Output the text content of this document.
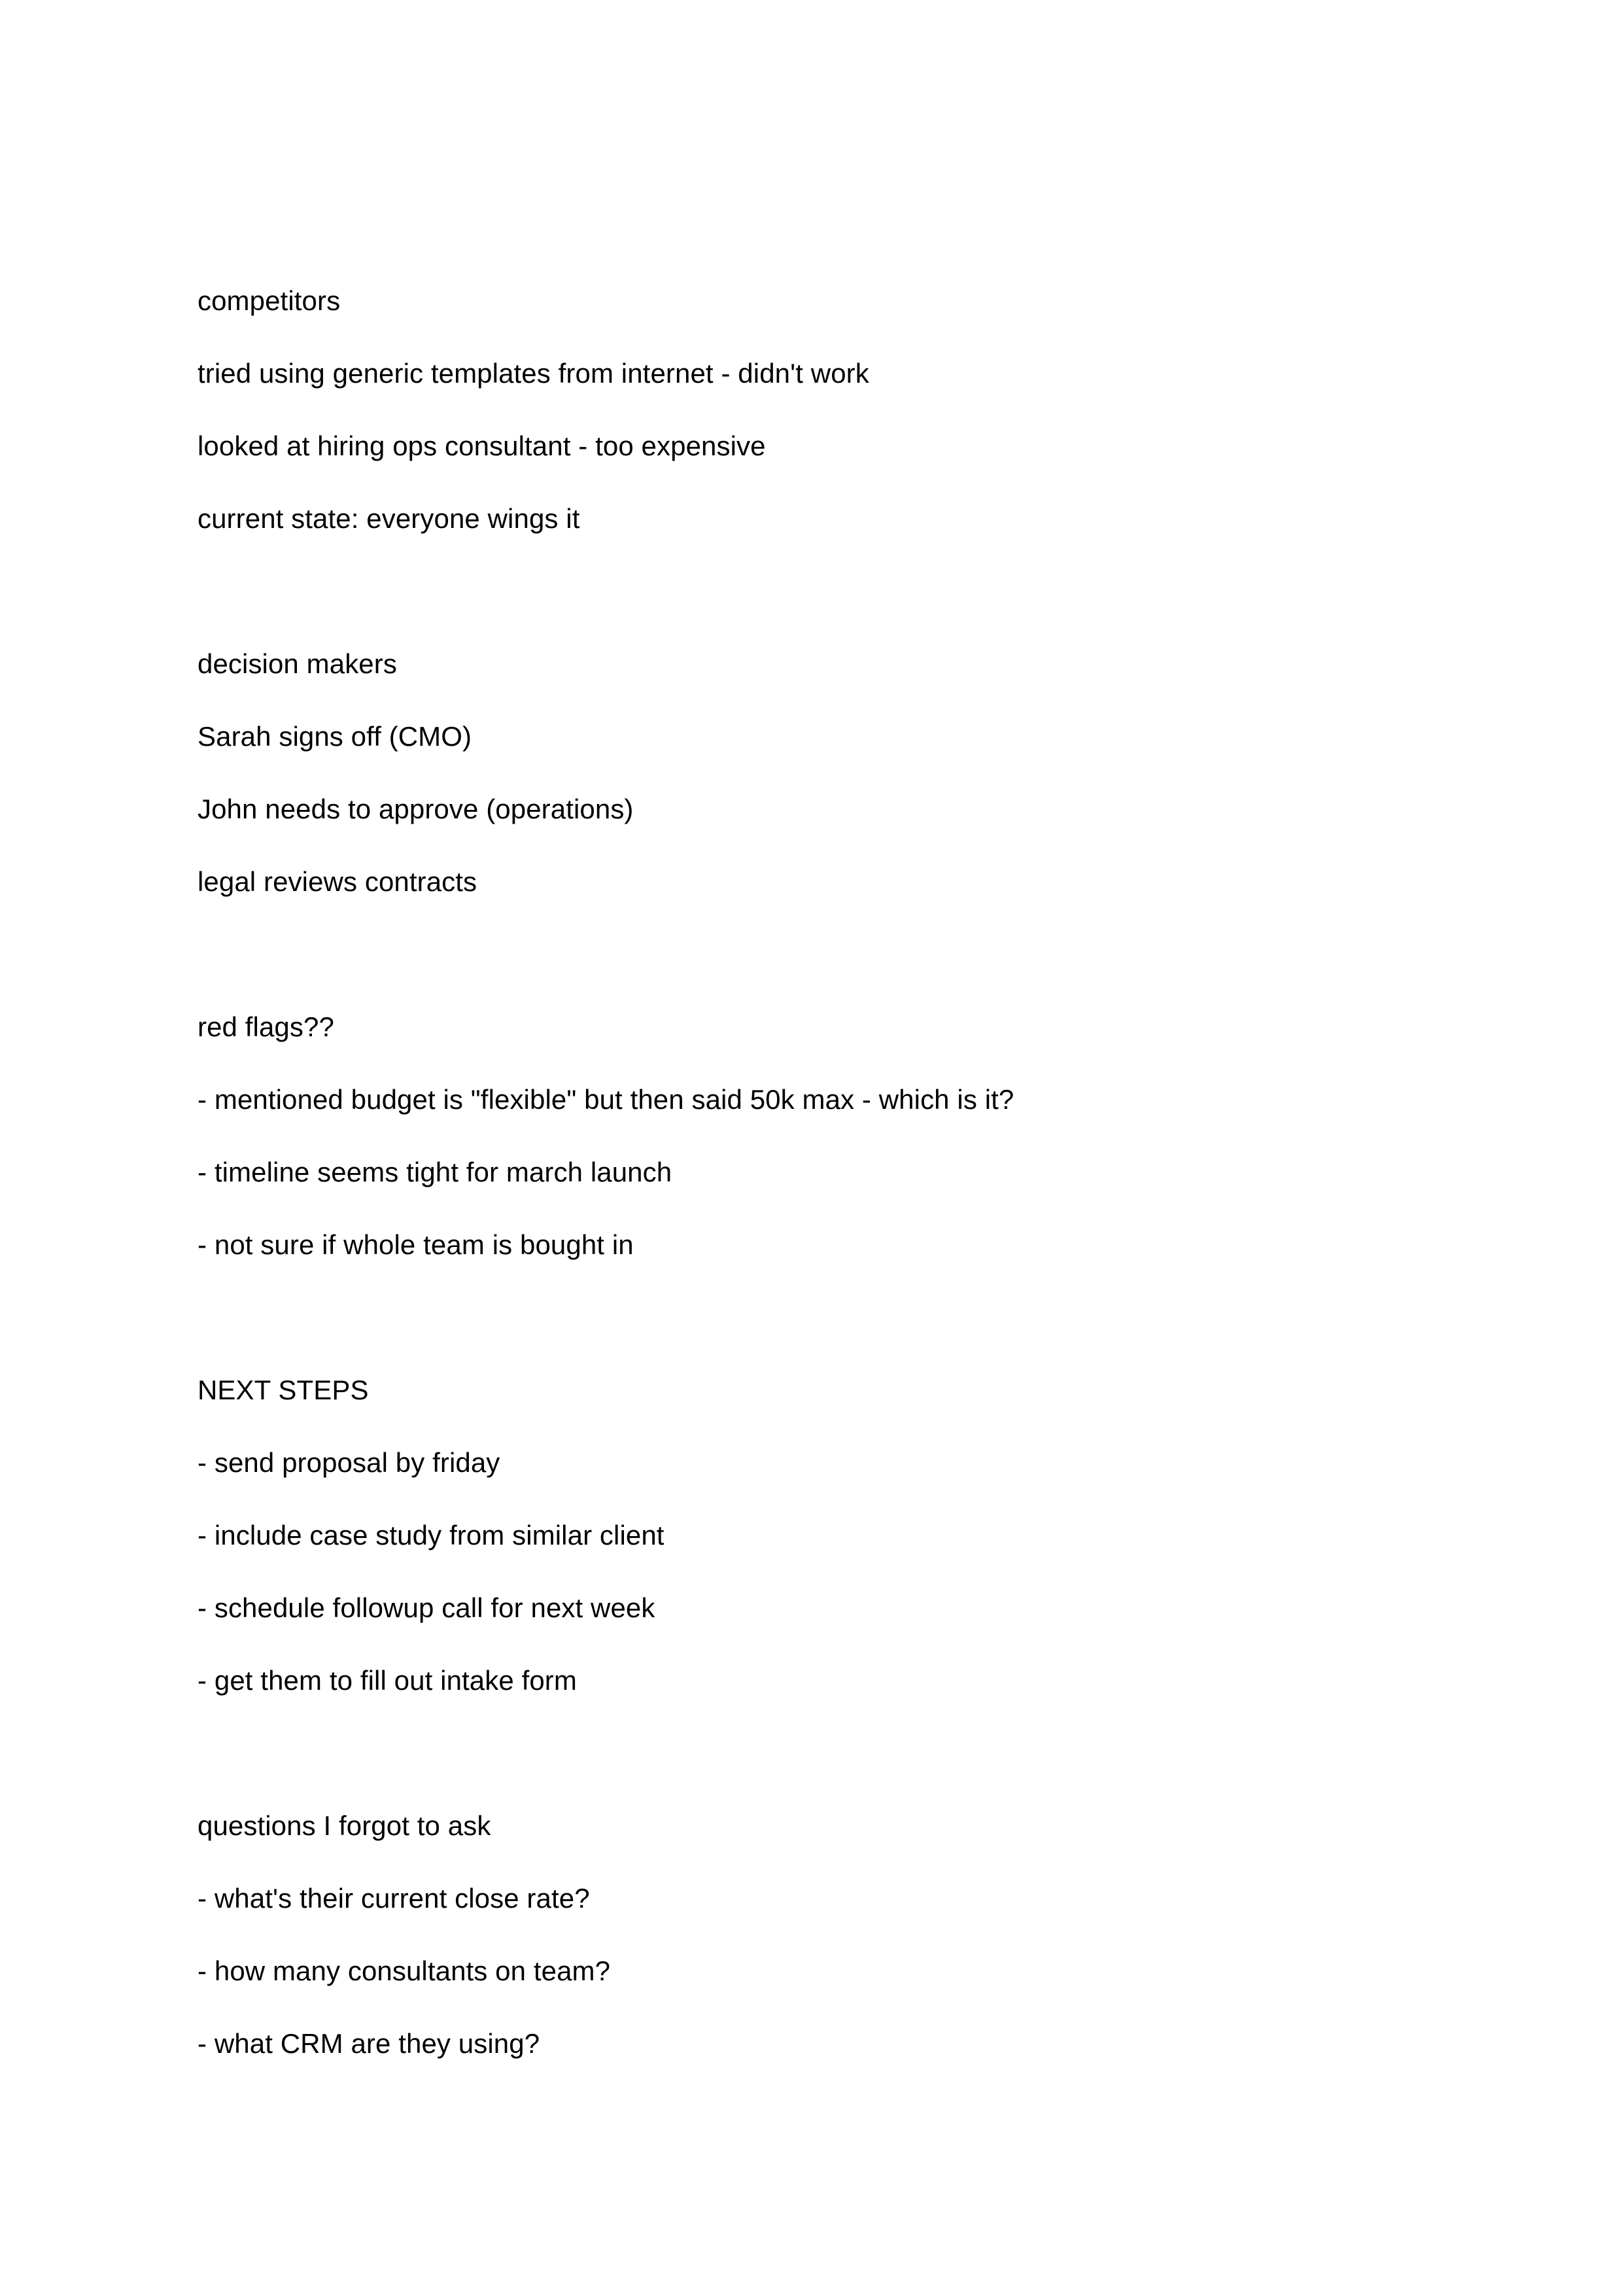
competitors
tried using generic templates from internet - didn't work
looked at hiring ops consultant - too expensive
current state: everyone wings it

decision makers
Sarah signs off (CMO)
John needs to approve (operations)
legal reviews contracts

red flags??
- mentioned budget is "flexible" but then said 50k max - which is it?
- timeline seems tight for march launch
- not sure if whole team is bought in

NEXT STEPS
- send proposal by friday
- include case study from similar client
- schedule followup call for next week
- get them to fill out intake form

questions I forgot to ask
- what's their current close rate?
- how many consultants on team?
- what CRM are they using?
